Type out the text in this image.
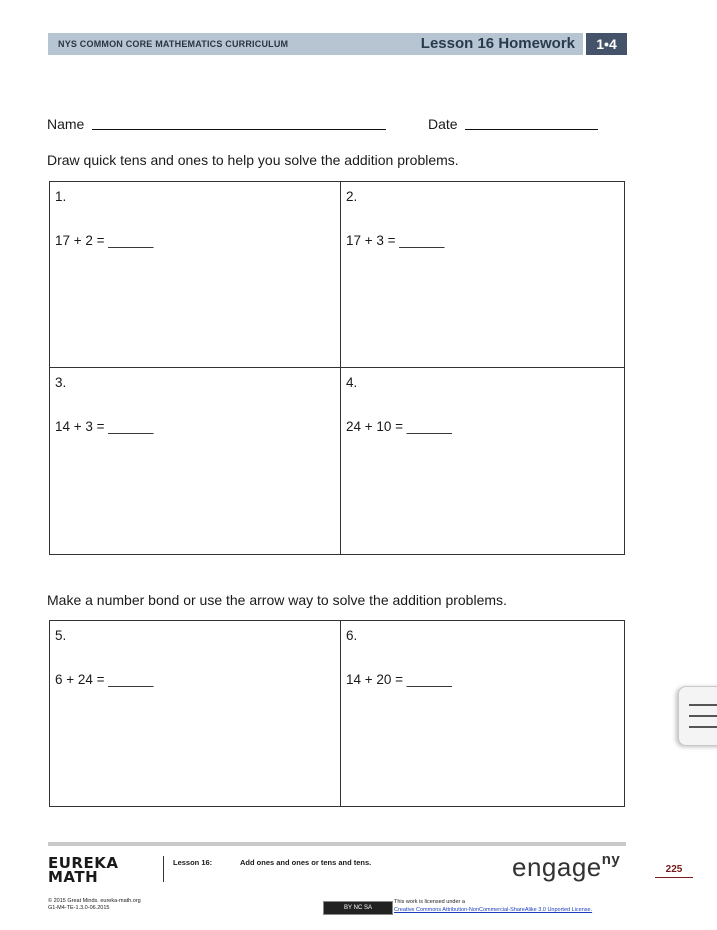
NYS COMMON CORE MATHEMATICS CURRICULUM	Lesson 16 Homework	1•4
Name	Date
Draw quick tens and ones to help you solve the addition problems.
1.
17 + 2 = ______
2.
17 + 3 = ______
3.
14 + 3 = ______
4.
24 + 10 = ______
Make a number bond or use the arrow way to solve the addition problems.
5.
6 + 24 = ______
6.
14 + 20 = ______
EUREKA
MATH
Lesson 16:	Add ones and ones or tens and tens.	engage$^{ny}$
225
© 2015 Great Minds. eureka-math.org
G1-M4-TE-1.3.0-06.2015	BY NC SA
This work is licensed under a
Creative Commons Attribution-NonCommercial-ShareAlike 3.0 Unported License.
